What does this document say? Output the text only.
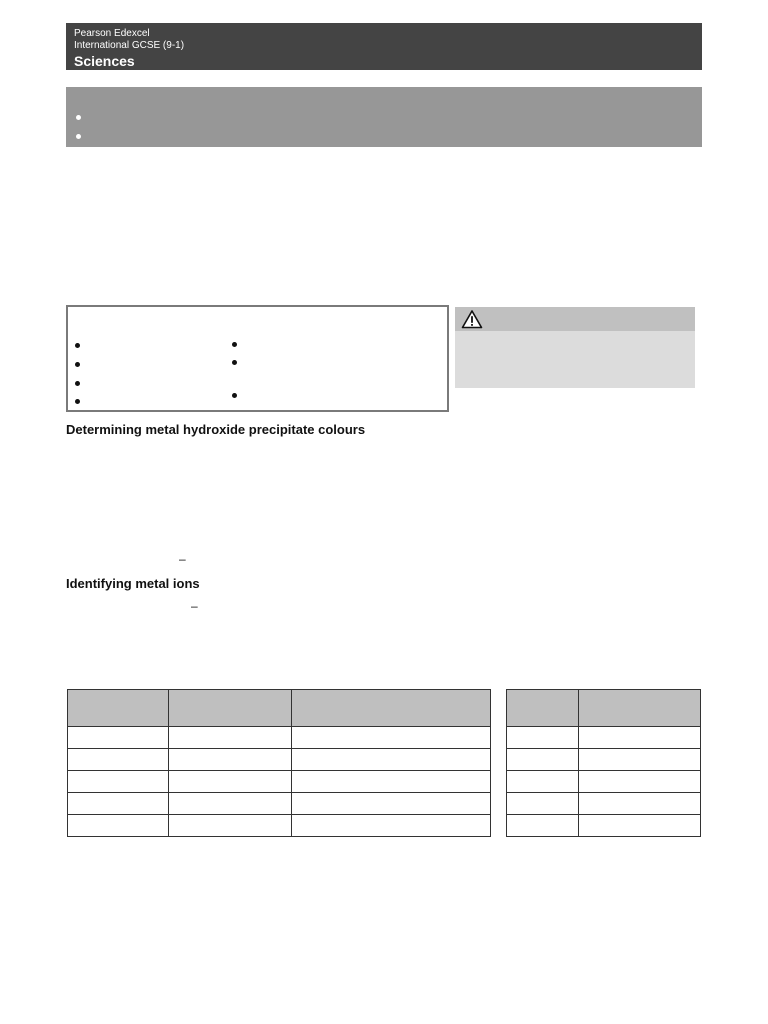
Pearson Edexcel
International GCSE (9-1)
Sciences
Determining metal hydroxide precipitate colours
–
Identifying metal ions
–
